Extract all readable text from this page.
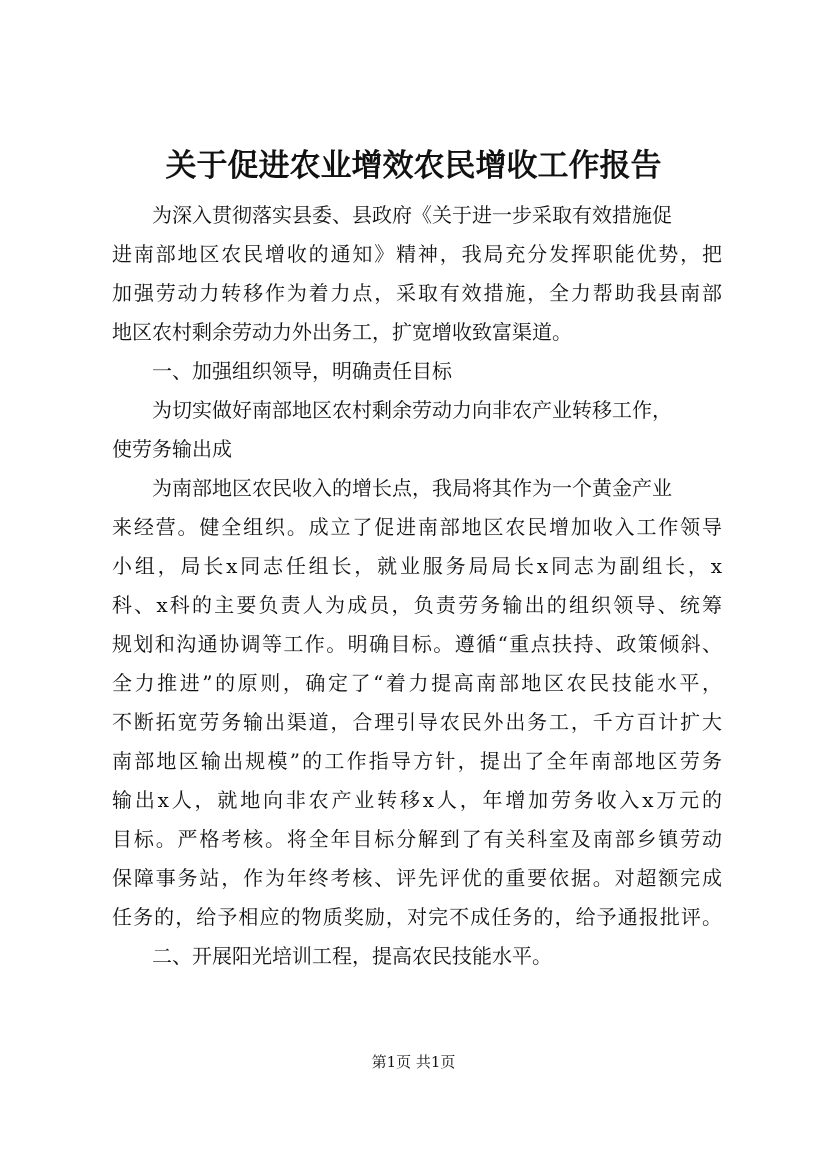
关于促进农业增效农民增收工作报告
为深入贯彻落实县委、县政府《关于进一步采取有效措施促
进南部地区农民增收的通知》精神，我局充分发挥职能优势，把
加强劳动力转移作为着力点，采取有效措施，全力帮助我县南部
地区农村剩余劳动力外出务工，扩宽增收致富渠道。
一、加强组织领导，明确责任目标
为切实做好南部地区农村剩余劳动力向非农产业转移工作，
使劳务输出成
为南部地区农民收入的增长点，我局将其作为一个黄金产业
来经营。健全组织。成立了促进南部地区农民增加收入工作领导
小组，局长x同志任组长，就业服务局局长x同志为副组长，x
科、x科的主要负责人为成员，负责劳务输出的组织领导、统筹
规划和沟通协调等工作。明确目标。遵循“重点扶持、政策倾斜、
全力推进”的原则，确定了“着力提高南部地区农民技能水平，
不断拓宽劳务输出渠道，合理引导农民外出务工，千方百计扩大
南部地区输出规模”的工作指导方针，提出了全年南部地区劳务
输出x人，就地向非农产业转移x人，年增加劳务收入x万元的
目标。严格考核。将全年目标分解到了有关科室及南部乡镇劳动
保障事务站，作为年终考核、评先评优的重要依据。对超额完成
任务的，给予相应的物质奖励，对完不成任务的，给予通报批评。
二、开展阳光培训工程，提高农民技能水平。
第1页 共1页
